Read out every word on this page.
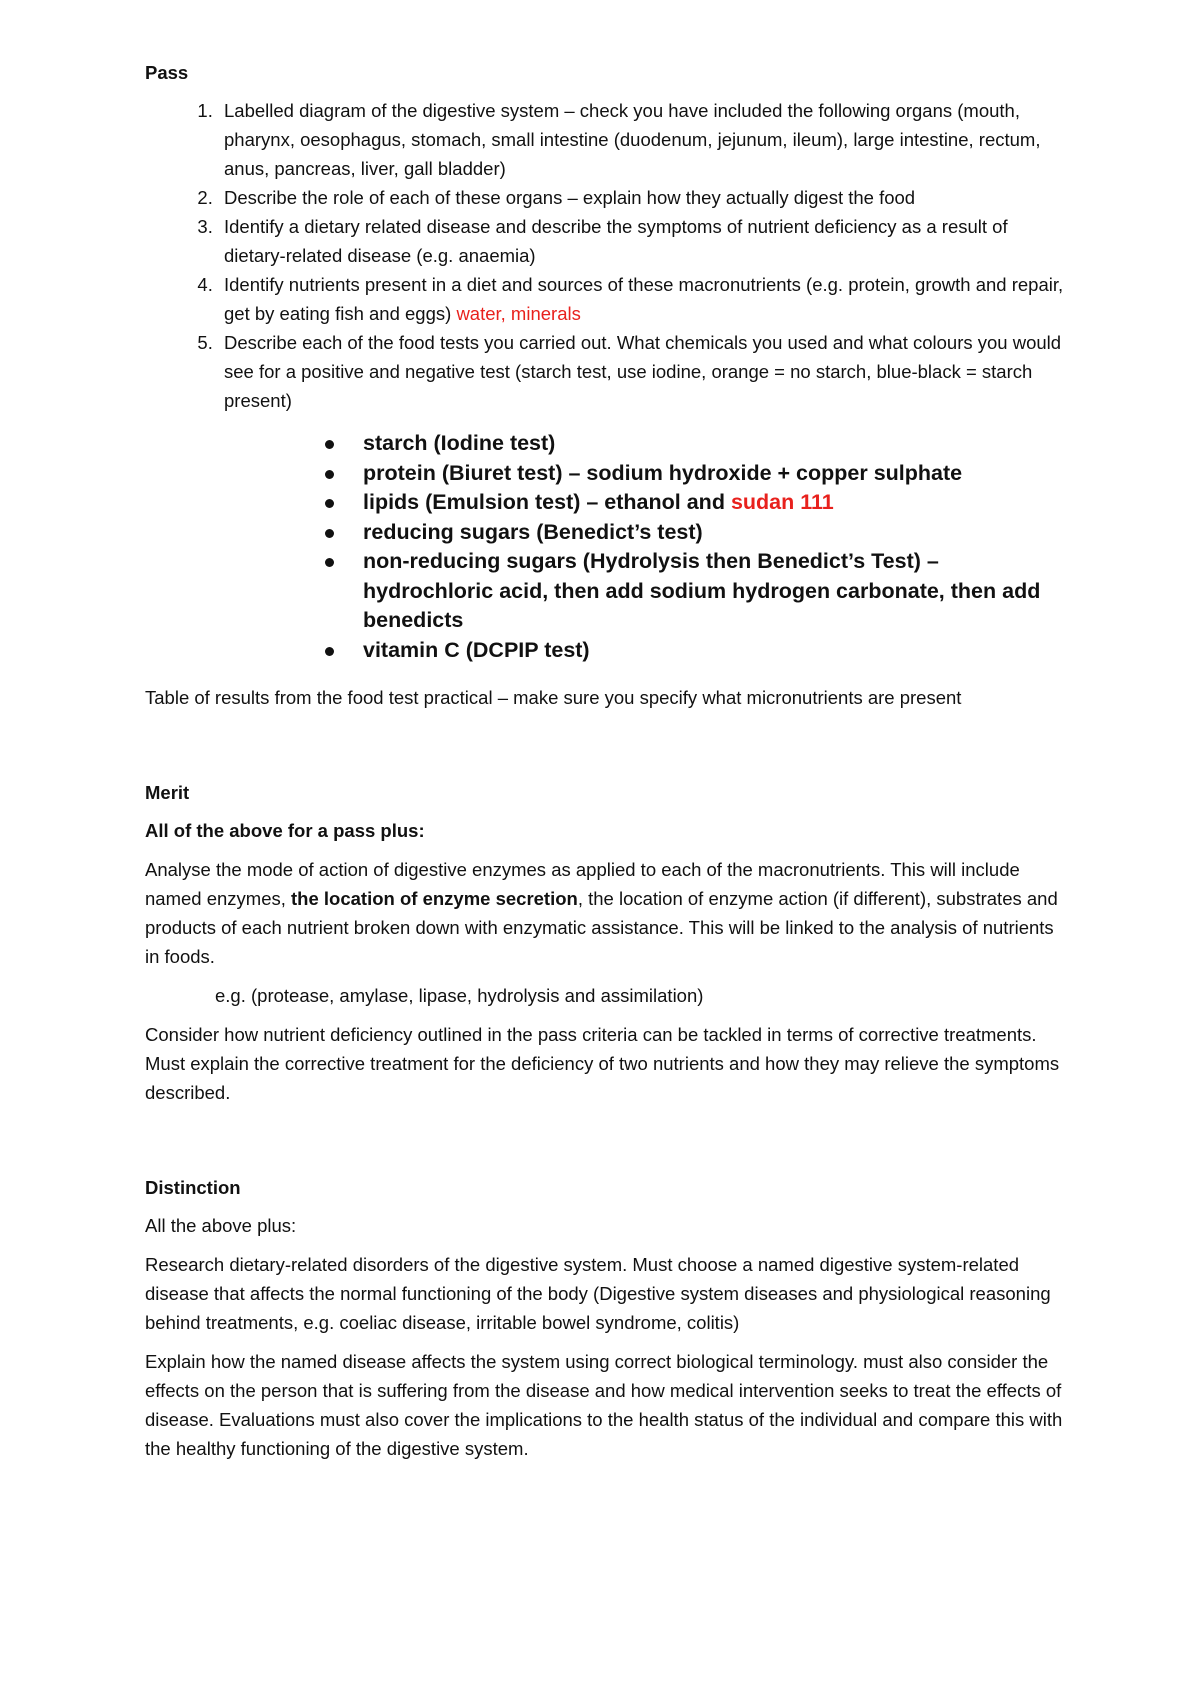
Pass
1. Labelled diagram of the digestive system – check you have included the following organs (mouth, pharynx, oesophagus, stomach, small intestine (duodenum, jejunum, ileum), large intestine, rectum, anus, pancreas, liver, gall bladder)
2. Describe the role of each of these organs – explain how they actually digest the food
3. Identify a dietary related disease and describe the symptoms of nutrient deficiency as a result of dietary-related disease (e.g. anaemia)
4. Identify nutrients present in a diet and sources of these macronutrients (e.g. protein, growth and repair, get by eating fish and eggs) water, minerals
5. Describe each of the food tests you carried out. What chemicals you used and what colours you would see for a positive and negative test (starch test, use iodine, orange = no starch, blue-black = starch present)
starch (Iodine test)
protein (Biuret test) – sodium hydroxide + copper sulphate
lipids (Emulsion test) – ethanol and sudan 111
reducing sugars (Benedict’s test)
non-reducing sugars (Hydrolysis then Benedict’s Test) – hydrochloric acid, then add sodium hydrogen carbonate, then add benedicts
vitamin C (DCPIP test)

Table of results from the food test practical – make sure you specify what micronutrients are present

Merit

All of the above for a pass plus:

Analyse the mode of action of digestive enzymes as applied to each of the macronutrients. This will include named enzymes, the location of enzyme secretion, the location of enzyme action (if different), substrates and products of each nutrient broken down with enzymatic assistance. This will be linked to the analysis of nutrients in foods.

e.g. (protease, amylase, lipase, hydrolysis and assimilation)

Consider how nutrient deficiency outlined in the pass criteria can be tackled in terms of corrective treatments. Must explain the corrective treatment for the deficiency of two nutrients and how they may relieve the symptoms described.

Distinction

All the above plus:

Research dietary-related disorders of the digestive system. Must choose a named digestive system-related disease that affects the normal functioning of the body (Digestive system diseases and physiological reasoning behind treatments, e.g. coeliac disease, irritable bowel syndrome, colitis)

Explain how the named disease affects the system using correct biological terminology. must also consider the effects on the person that is suffering from the disease and how medical intervention seeks to treat the effects of disease. Evaluations must also cover the implications to the health status of the individual and compare this with the healthy functioning of the digestive system.
